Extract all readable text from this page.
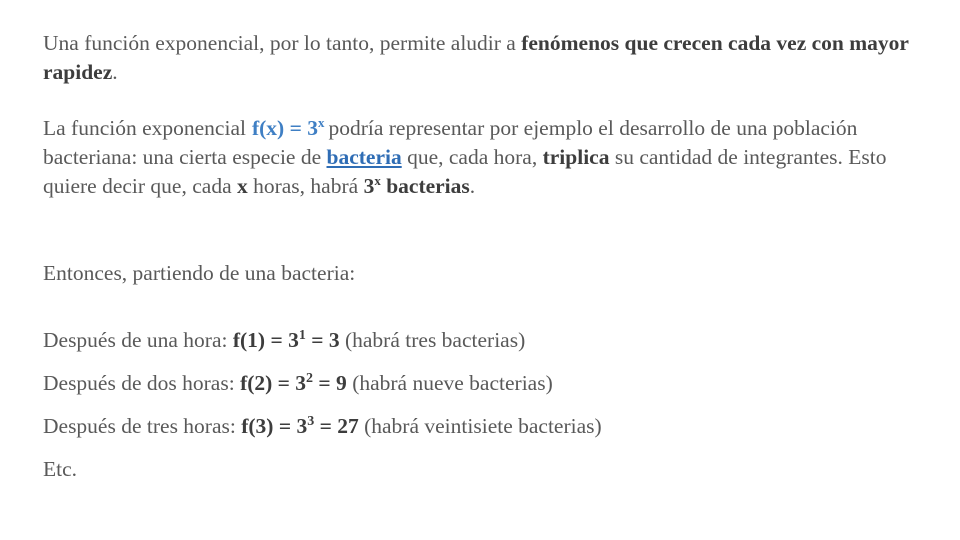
Una función exponencial, por lo tanto, permite aludir a fenómenos que crecen cada vez con mayor rapidez.
La función exponencial $f(x) = 3^x$ podría representar por ejemplo el desarrollo de una población bacteriana: una cierta especie de bacteria que, cada hora, triplica su cantidad de integrantes. Esto quiere decir que, cada x horas, habrá 3$^x$ bacterias.
Entonces, partiendo de una bacteria:
Después de una hora: $f(1) = 3^1 = 3$ (habrá tres bacterias)
Después de dos horas: $f(2) = 3^2 = 9$ (habrá nueve bacterias)
Después de tres horas: $f(3) = 3^3 = 27$ (habrá veintisiete bacterias)
Etc.
